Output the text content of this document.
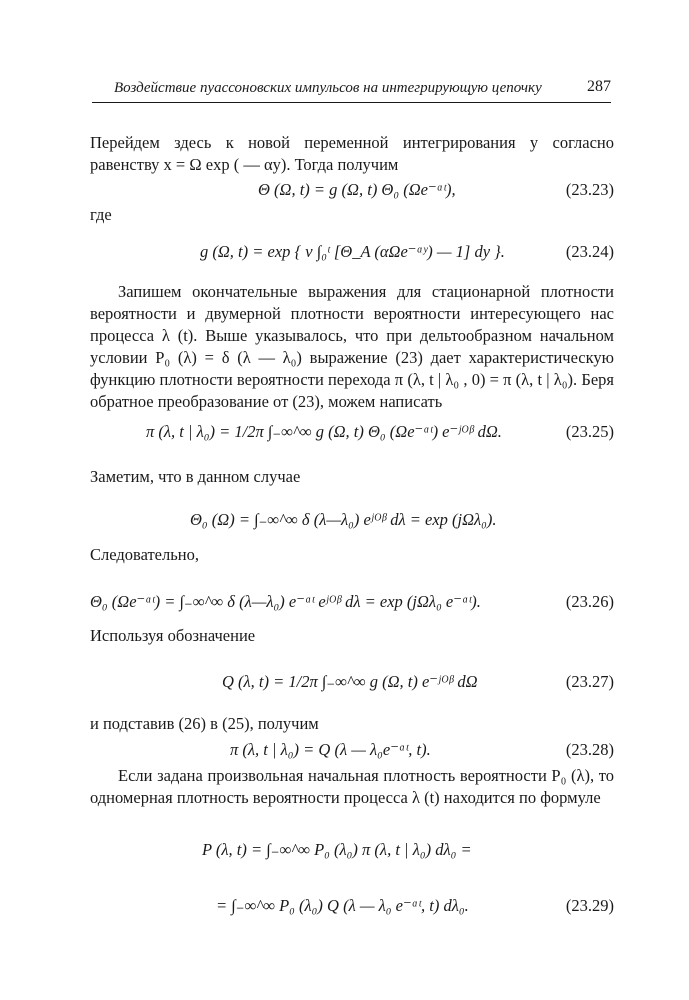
Воздействие пуассоновских импульсов на интегрирующую цепочку	287
Перейдем здесь к новой переменной интегрирования y согласно равенству x = Ω exp ( — αy). Тогда получим
Θ (Ω, t) = g (Ω, t) Θ₀ (Ωe⁻ᵅᵗ),	(23.23)
где
g (Ω, t) = exp { ν ∫₀ᵗ [Θ_A (αΩe⁻ᵅʸ) — 1] dy }.	(23.24)
Запишем окончательные выражения для стационарной плотности вероятности и двумерной плотности вероятности интересующего нас процесса λ (t). Выше указывалось, что при дельтообразном начальном условии P₀ (λ) = δ (λ — λ₀) выражение (23) дает характеристическую функцию плотности вероятности перехода π (λ, t | λ₀ , 0) = π (λ, t | λ₀). Беря обратное преобразование от (23), можем написать
π (λ, t | λ₀) = 1/2π ∫₋∞^∞ g (Ω, t) Θ₀ (Ωe⁻ᵅᵗ) e⁻ʲᴼᵝ dΩ.	(23.25)
Заметим, что в данном случае
Θ₀ (Ω) = ∫₋∞^∞ δ (λ—λ₀) eʲᴼᵝ dλ = exp (jΩλ₀).
Следовательно,
Θ₀ (Ωe⁻ᵅᵗ) = ∫₋∞^∞ δ (λ—λ₀) e⁻ᵅᵗ eʲᴼᵝ dλ = exp (jΩλ₀ e⁻ᵅᵗ).	(23.26)
Используя обозначение
Q (λ, t) = 1/2π ∫₋∞^∞ g (Ω, t) e⁻ʲᴼᵝ dΩ	(23.27)
и подставив (26) в (25), получим
π (λ, t | λ₀) = Q (λ — λ₀e⁻ᵅᵗ, t).	(23.28)
Если задана произвольная начальная плотность вероятности P₀ (λ), то одномерная плотность вероятности процесса λ (t) находится по формуле
P (λ, t) = ∫₋∞^∞ P₀ (λ₀) π (λ, t | λ₀) dλ₀ =
= ∫₋∞^∞ P₀ (λ₀) Q (λ — λ₀ e⁻ᵅᵗ, t) dλ₀.	(23.29)
